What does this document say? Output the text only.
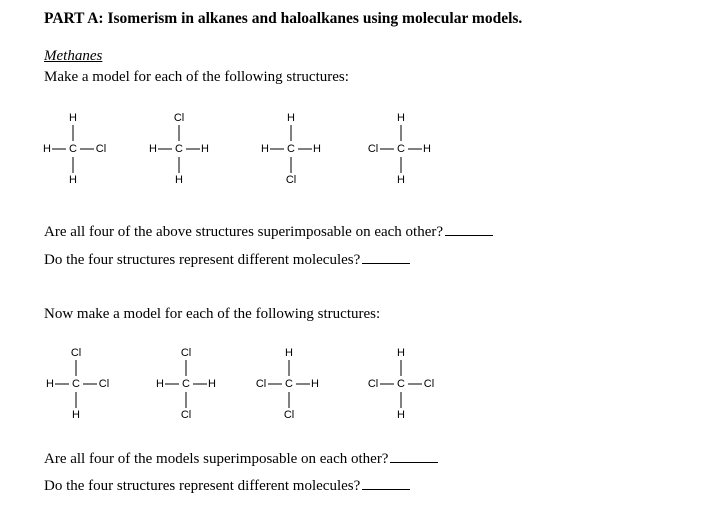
PART A: Isomerism in alkanes and haloalkanes using molecular models.
Methanes
Make a model for each of the following structures:
C
H
H
H	Cl	C
Cl
H
H	H	C
H
Cl
H	H	C
H
H
Cl	H
Are all four of the above structures superimposable on each other?
Do the four structures represent different molecules?
Now make a model for each of the following structures:
C
Cl
H
H	Cl	C
Cl
Cl
H	H	C
H
Cl
Cl	H	C
H
H
Cl	Cl
Are all four of the models superimposable on each other?
Do the four structures represent different molecules?
